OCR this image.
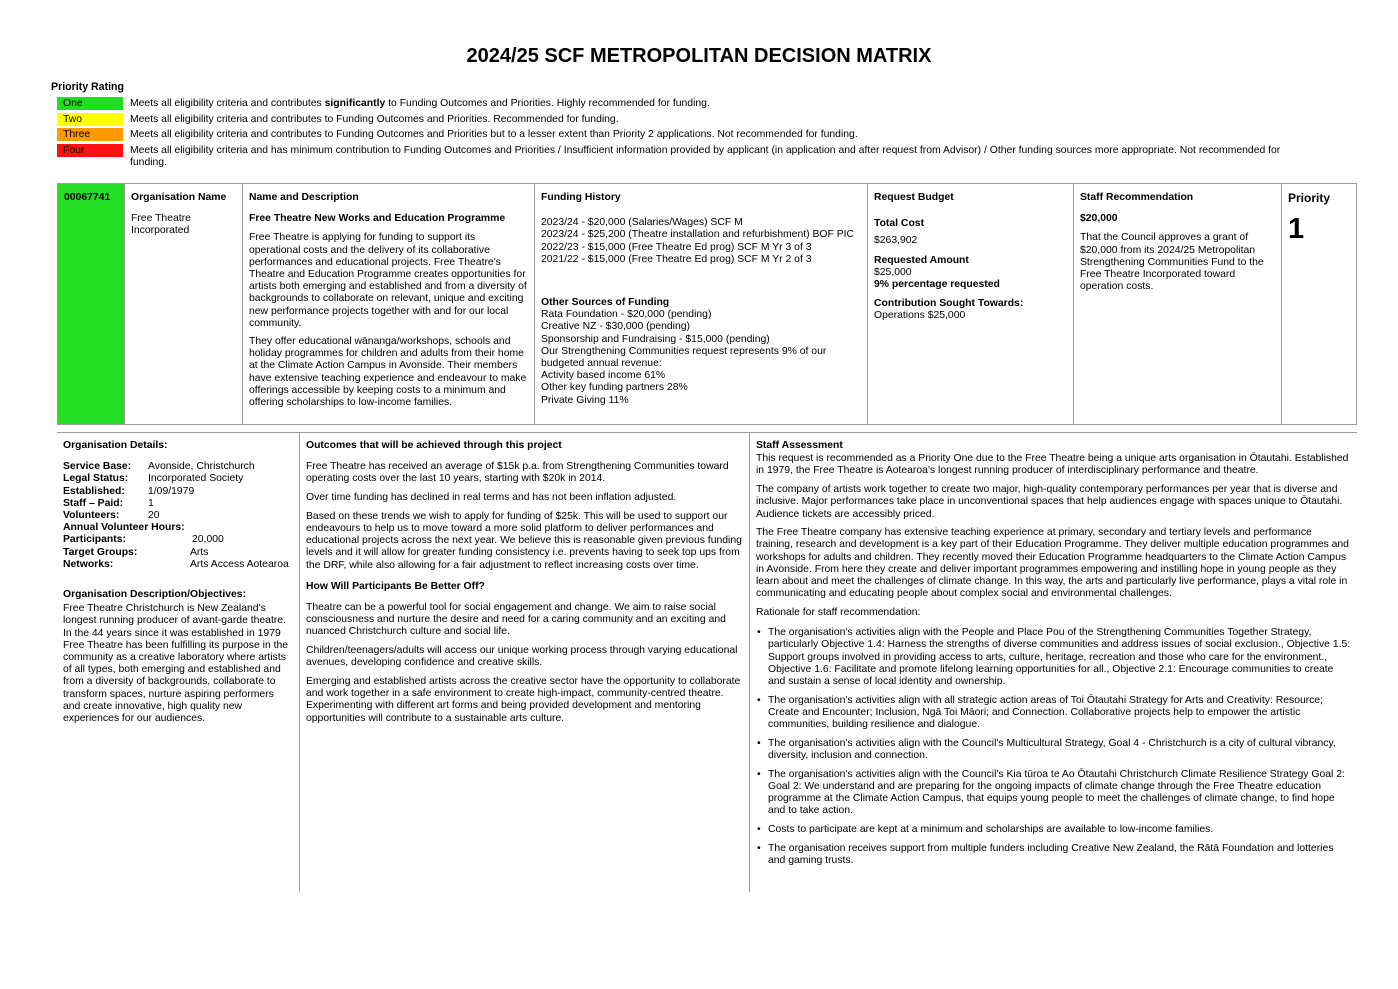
2024/25 SCF METROPOLITAN DECISION MATRIX
Priority Rating
One	Meets all eligibility criteria and contributes significantly to Funding Outcomes and Priorities. Highly recommended for funding.
Two	Meets all eligibility criteria and contributes to Funding Outcomes and Priorities. Recommended for funding.
Three	Meets all eligibility criteria and contributes to Funding Outcomes and Priorities but to a lesser extent than Priority 2 applications. Not recommended for funding.
Four	Meets all eligibility criteria and has minimum contribution to Funding Outcomes and Priorities / Insufficient information provided by applicant (in application and after request from Advisor) / Other funding sources more appropriate. Not recommended for funding.
00067741	Organisation Name
Free Theatre Incorporated
Name and Description

Free Theatre New Works and Education Programme

Free Theatre is applying for funding to support its operational costs and the delivery of its collaborative performances and educational projects. Free Theatre's Theatre and Education Programme creates opportunities for artists both emerging and established and from a diversity of backgrounds to collaborate on relevant, unique and exciting new performance projects together with and for our local community.

They offer educational wānanga/workshops, schools and holiday programmes for children and adults from their home at the Climate Action Campus in Avonside. Their members have extensive teaching experience and endeavour to make offerings accessible by keeping costs to a minimum and offering scholarships to low-income families.

Funding History
2023/24 - $20,000 (Salaries/Wages) SCF M
2023/24 - $25,200 (Theatre installation and refurbishment) BOF PIC
2022/23 - $15,000 (Free Theatre Ed prog) SCF M Yr 3 of 3
2021/22 - $15,000 (Free Theatre Ed prog) SCF M Yr 2 of 3
Other Sources of Funding
Rata Foundation - $20,000 (pending)
Creative NZ - $30,000 (pending)
Sponsorship and Fundraising - $15,000 (pending)
Our Strengthening Communities request represents 9% of our budgeted annual revenue:
Activity based income 61%
Other key funding partners 28%
Private Giving 11%
Request Budget
Total Cost
$263,902
Requested Amount
$25,000
9% percentage requested
Contribution Sought Towards:
Operations $25,000
Staff Recommendation
$20,000
That the Council approves a grant of $20,000 from its 2024/25 Metropolitan Strengthening Communities Fund to the Free Theatre Incorporated toward operation costs.
Priority
1
Organisation Details:
Service Base:	Avonside, Christchurch
Legal Status:	Incorporated Society
Established:	1/09/1979
Staff – Paid:	1
Volunteers:	20
Annual Volunteer Hours:
Participants:	20,000
Target Groups:	Arts
Networks:	Arts Access Aotearoa
Organisation Description/Objectives:
Free Theatre Christchurch is New Zealand's longest running producer of avant-garde theatre. In the 44 years since it was established in 1979 Free Theatre has been fulfilling its purpose in the community as a creative laboratory where artists of all types, both emerging and established and from a diversity of backgrounds, collaborate to transform spaces, nurture aspiring performers and create innovative, high quality new experiences for our audiences.
Outcomes that will be achieved through this project

Free Theatre has received an average of $15k p.a. from Strengthening Communities toward operating costs over the last 10 years, starting with $20k in 2014.

Over time funding has declined in real terms and has not been inflation adjusted.

Based on these trends we wish to apply for funding of $25k. This will be used to support our endeavours to help us to move toward a more solid platform to deliver performances and educational projects across the next year. We believe this is reasonable given previous funding levels and it will allow for greater funding consistency i.e. prevents having to seek top ups from the DRF, while also allowing for a fair adjustment to reflect increasing costs over time.

How Will Participants Be Better Off?

Theatre can be a powerful tool for social engagement and change. We aim to raise social consciousness and nurture the desire and need for a caring community and an exciting and nuanced Christchurch culture and social life.

Children/teenagers/adults will access our unique working process through varying educational avenues, developing confidence and creative skills.

Emerging and established artists across the creative sector have the opportunity to collaborate and work together in a safe environment to create high-impact, community-centred theatre. Experimenting with different art forms and being provided development and mentoring opportunities will contribute to a sustainable arts culture.

Staff Assessment

This request is recommended as a Priority One due to the Free Theatre being a unique arts organisation in Ōtautahi. Established in 1979, the Free Theatre is Aotearoa's longest running producer of interdisciplinary performance and theatre.

The company of artists work together to create two major, high-quality contemporary performances per year that is diverse and inclusive. Major performances take place in unconventional spaces that help audiences engage with spaces unique to Ōtautahi. Audience tickets are accessibly priced.

The Free Theatre company has extensive teaching experience at primary, secondary and tertiary levels and performance training, research and development is a key part of their Education Programme. They deliver multiple education programmes and workshops for adults and children. They recently moved their Education Programme headquarters to the Climate Action Campus in Avonside. From here they create and deliver important programmes empowering and instilling hope in young people as they learn about and meet the challenges of climate change. In this way, the arts and particularly live performance, plays a vital role in communicating and educating people about complex social and environmental challenges.

Rationale for staff recommendation:

• The organisation's activities align with the People and Place Pou of the Strengthening Communities Together Strategy, particularly Objective 1.4: Harness the strengths of diverse communities and address issues of social exclusion., Objective 1.5: Support groups involved in providing access to arts, culture, heritage, recreation and those who care for the environment., Objective 1.6: Facilitate and promote lifelong learning opportunities for all., Objective 2.1: Encourage communities to create and sustain a sense of local identity and ownership.
• The organisation's activities align with all strategic action areas of Toi Ōtautahi Strategy for Arts and Creativity: Resource; Create and Encounter; Inclusion, Ngā Toi Māori; and Connection. Collaborative projects help to empower the artistic communities, building resilience and dialogue.
• The organisation's activities align with the Council's Multicultural Strategy, Goal 4 - Christchurch is a city of cultural vibrancy, diversity, inclusion and connection.
• The organisation's activities align with the Council's Kia tūroa te Ao Ōtautahi Christchurch Climate Resilience Strategy Goal 2: Goal 2: We understand and are preparing for the ongoing impacts of climate change through the Free Theatre education programme at the Climate Action Campus, that equips young people to meet the challenges of climate change, to find hope and to take action.
• Costs to participate are kept at a minimum and scholarships are available to low-income families.
• The organisation receives support from multiple funders including Creative New Zealand, the Rātā Foundation and lotteries and gaming trusts.
